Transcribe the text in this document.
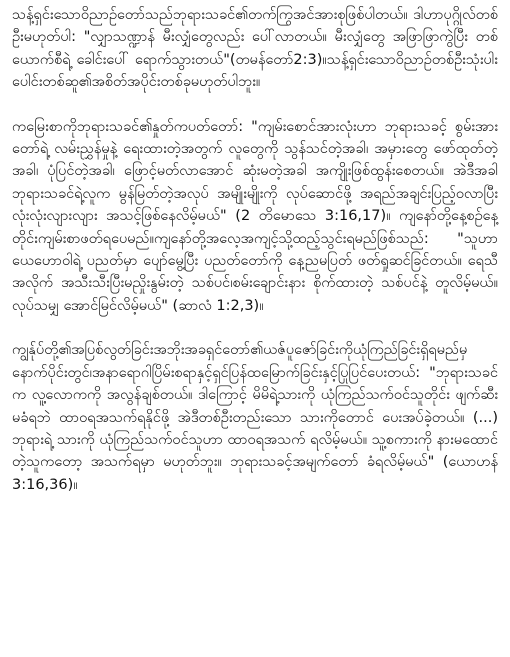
သန့်ရှင်းသောဝိညာဉ်တော်သည်ဘုရားသခင်၏တက်ကြွအင်အားစုဖြစ်ပါတယ်။ ဒါဟာပုဂ္ဂိုလ်တစ်ဦးမဟုတ်ပါ: "လျှာသဏ္ဍာန် မီးလျှံတွေလည်း ပေါ်လာတယ်။ မီးလျှံတွေ အဖြာဖြာကွဲပြီး တစ်ယောက်စီရဲ့ ခေါင်းပေါ် ရောက်သွားတယ်"(တမန်တော်2:3)။သန့်ရှင်းသောဝိညာဉ်တစ်ဦးသုံးပါးပေါင်းတစ်ဆူ၏အစိတ်အပိုင်းတစ်ခုမဟုတ်ပါဘူး။

ကမြေးစာကိုဘုရားသခင်၏နှုတ်ကပတ်တော်: "ကျမ်းစောင်အားလုံးဟာ ဘုရားသခင့် စွမ်းအားတော်ရဲ့ လမ်းညွှန်မှုနဲ့ ရေးထားတဲ့အတွက် လူတွေကို သွန်သင်တဲ့အခါ၊ အမှားတွေ ဖော်ထုတ်တဲ့အခါ၊ ပုံပြင်တဲ့အခါ၊ ဖြောင့်မတ်လာအောင် ဆုံးမတဲ့အခါ အကျိုးဖြစ်ထွန်းစေတယ်။ အဲဒီအခါ ဘုရားသခင်ရဲ့လူက မွန်မြတ်တဲ့အလုပ် အမျိုးမျိုးကို လုပ်ဆောင်ဖို့ အရည်အချင်းပြည့်ဝလာပြီး လုံးလုံးလျားလျား အသင့်ဖြစ်နေလိမ့်မယ်" (2 တိမောသေ 3:16,17)။ ကျနော်တို့နေ့စဉ်နေ့တိုင်းကျမ်းစာဖတ်ရပေမည်။ကျနော်တို့အလေ့အကျင့်သို့ထည့်သွင်းရမည်ဖြစ်သည်: "သူဟာ ယေဟောဝါရဲ့ ပညတ်မှာ ပျော်မွေ့ပြီး ပညတ်တော်ကို နေ့ညမပြတ် ဖတ်ရှုဆင်ခြင်တယ်။ ရေသီအလိုက် အသီးသီးပြီးမညှိုးနွမ်းတဲ့ သစ်ပင်၊စမ်းချောင်းနား စိုက်ထားတဲ့ သစ်ပင်နဲ့ တူလိမ့်မယ်။ လုပ်သမျှ အောင်မြင်လိမ့်မယ်" (ဆာလံ 1:2,3)။

ကျွန်ုပ်တို့၏အပြစ်လွတ်ခြင်းအဘိုးအခရှင်တော်၏ယဇ်ပူဇော်ခြင်းကိုယုံကြည်ခြင်းရှိရမည်မှနောက်ပိုင်းတွင်၊အနာရောဂါပြိမ်းစရာနှင့်ရှင်ပြန်ထမြောက်ခြင်းနှင့်ပြုပြင်ပေးတယ်: "ဘုရားသခင်က လူ့လောကကို အလွန်ချစ်တယ်။ ဒါကြောင့် မိမိရဲ့သားကို ယုံကြည်သက်ဝင်သူတိုင်း ဖျက်ဆီးမခံရဘဲ ထာဝရအသက်ရနိုင်ဖို့ အဲဒီတစ်ဦးတည်းသော သားကိုတောင် ပေးအပ်ခဲ့တယ်။ (...) ဘုရားရဲ့ သားကို ယုံကြည်သက်ဝင်သူဟာ ထာဝရအသက် ရလိမ့်မယ်။ သူ့စကားကို နားမထောင်တဲ့သူကတော့ အသက်ရမှာ မဟုတ်ဘူး။ ဘုရားသခင့်အမျက်တော် ခံရလိမ့်မယ်" (ယောဟန် 3:16,36)။
